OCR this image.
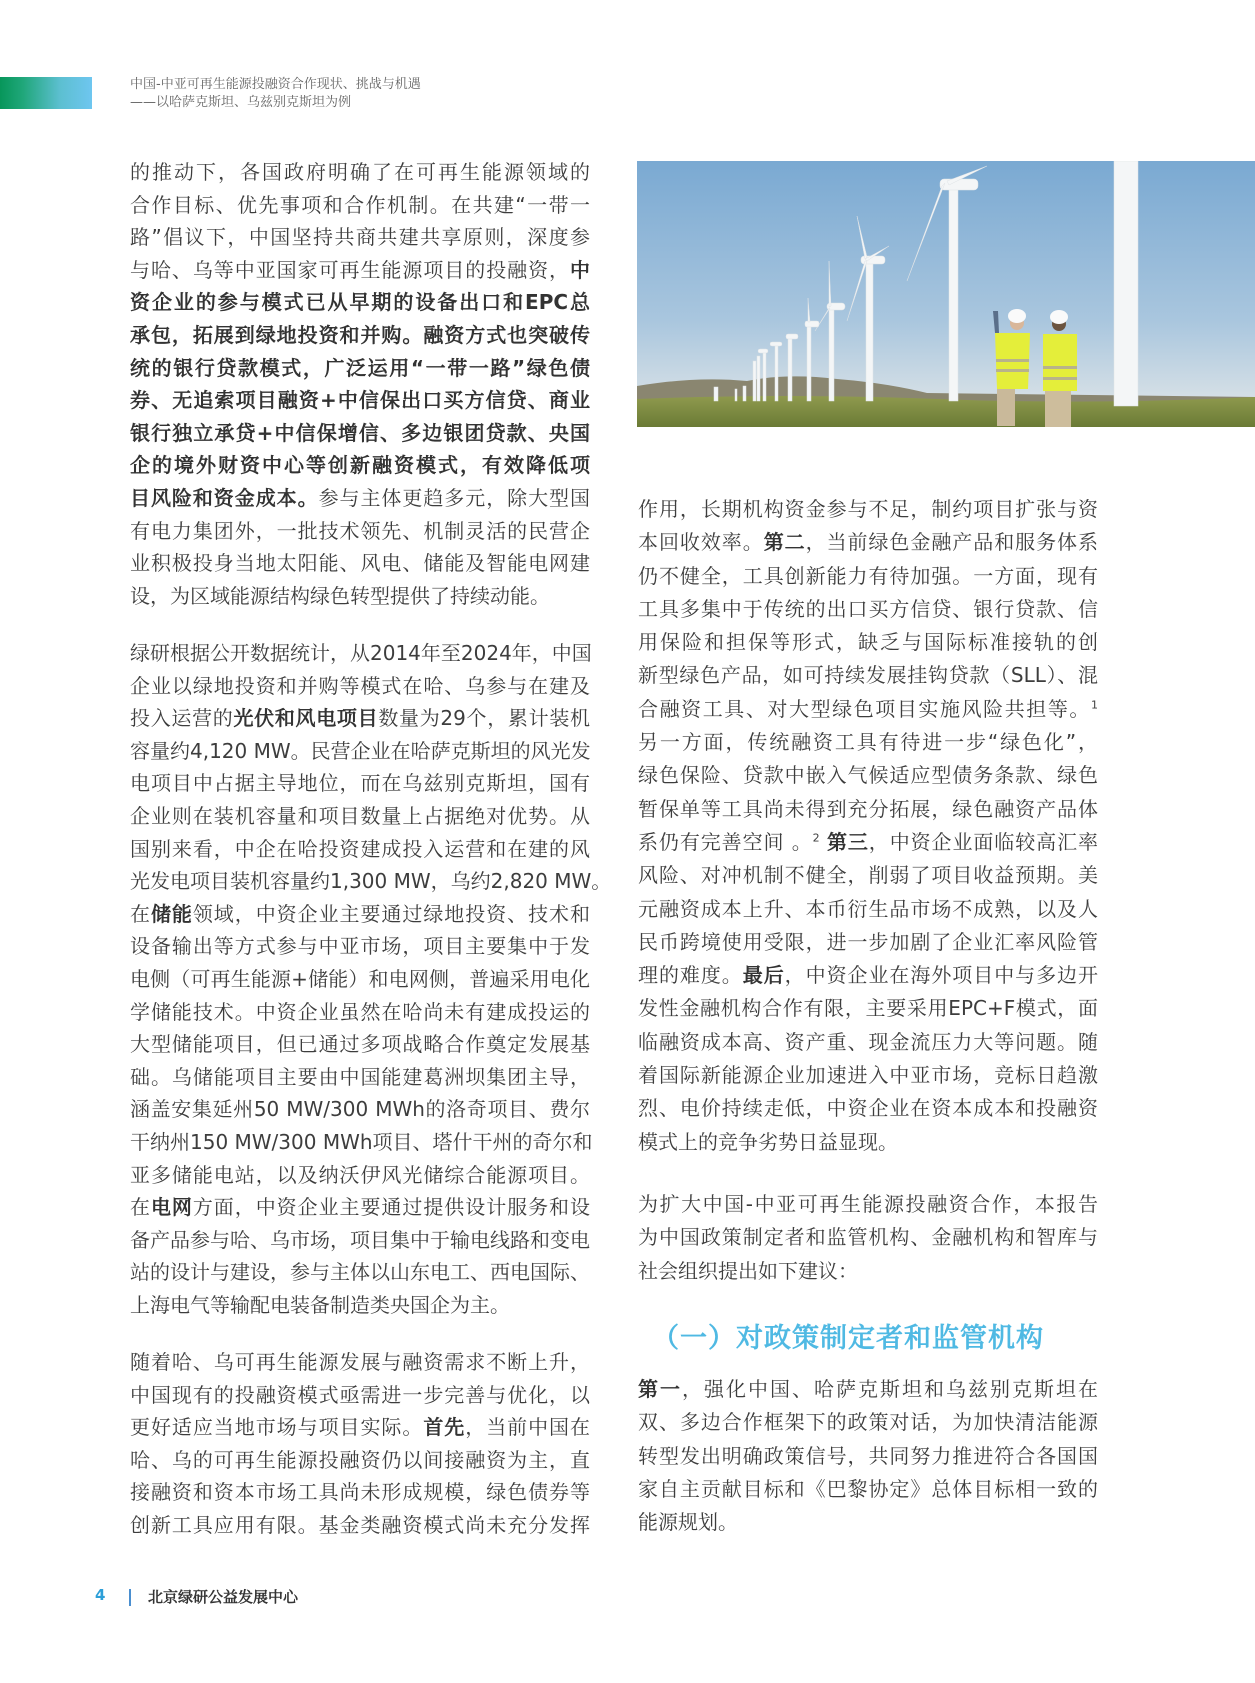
中国-中亚可再生能源投融资合作现状、挑战与机遇
——以哈萨克斯坦、乌兹别克斯坦为例
的推动下，各国政府明确了在可再生能源领域的
合作目标、优先事项和合作机制。在共建“一带一
路”倡议下，中国坚持共商共建共享原则，深度参
与哈、乌等中亚国家可再生能源项目的投融资，中
资企业的参与模式已从早期的设备出口和EPC总
承包，拓展到绿地投资和并购。融资方式也突破传
统的银行贷款模式，广泛运用“一带一路”绿色债
券、无追索项目融资+中信保出口买方信贷、商业
银行独立承贷+中信保增信、多边银团贷款、央国
企的境外财资中心等创新融资模式，有效降低项
目风险和资金成本。参与主体更趋多元，除大型国
有电力集团外，一批技术领先、机制灵活的民营企
业积极投身当地太阳能、风电、储能及智能电网建
设，为区域能源结构绿色转型提供了持续动能。
绿研根据公开数据统计，从2014年至2024年，中国
企业以绿地投资和并购等模式在哈、乌参与在建及
投入运营的光伏和风电项目数量为29个，累计装机
容量约4,120 MW。民营企业在哈萨克斯坦的风光发
电项目中占据主导地位，而在乌兹别克斯坦，国有
企业则在装机容量和项目数量上占据绝对优势。从
国别来看，中企在哈投资建成投入运营和在建的风
光发电项目装机容量约1,300 MW，乌约2,820 MW。
在储能领域，中资企业主要通过绿地投资、技术和
设备输出等方式参与中亚市场，项目主要集中于发
电侧（可再生能源+储能）和电网侧，普遍采用电化
学储能技术。中资企业虽然在哈尚未有建成投运的
大型储能项目，但已通过多项战略合作奠定发展基
础。乌储能项目主要由中国能建葛洲坝集团主导，
涵盖安集延州50 MW/300 MWh的洛奇项目、费尔
干纳州150 MW/300 MWh项目、塔什干州的奇尔和
亚多储能电站，以及纳沃伊风光储综合能源项目。
在电网方面，中资企业主要通过提供设计服务和设
备产品参与哈、乌市场，项目集中于输电线路和变电
站的设计与建设，参与主体以山东电工、西电国际、
上海电气等输配电装备制造类央国企为主。
随着哈、乌可再生能源发展与融资需求不断上升，
中国现有的投融资模式亟需进一步完善与优化，以
更好适应当地市场与项目实际。首先，当前中国在
哈、乌的可再生能源投融资仍以间接融资为主，直
接融资和资本市场工具尚未形成规模，绿色债券等
创新工具应用有限。基金类融资模式尚未充分发挥
作用，长期机构资金参与不足，制约项目扩张与资
本回收效率。第二，当前绿色金融产品和服务体系
仍不健全，工具创新能力有待加强。一方面，现有
工具多集中于传统的出口买方信贷、银行贷款、信
用保险和担保等形式，缺乏与国际标准接轨的创
新型绿色产品，如可持续发展挂钩贷款（SLL）、混
合融资工具、对大型绿色项目实施风险共担等。$^1$
另一方面，传统融资工具有待进一步“绿色化”，
绿色保险、贷款中嵌入气候适应型债务条款、绿色
暂保单等工具尚未得到充分拓展，绿色融资产品体
系仍有完善空间 。$^2$ 第三，中资企业面临较高汇率
风险、对冲机制不健全，削弱了项目收益预期。美
元融资成本上升、本币衍生品市场不成熟，以及人
民币跨境使用受限，进一步加剧了企业汇率风险管
理的难度。最后，中资企业在海外项目中与多边开
发性金融机构合作有限，主要采用EPC+F模式，面
临融资成本高、资产重、现金流压力大等问题。随
着国际新能源企业加速进入中亚市场，竞标日趋激
烈、电价持续走低，中资企业在资本成本和投融资
模式上的竞争劣势日益显现。
为扩大中国-中亚可再生能源投融资合作，本报告
为中国政策制定者和监管机构、金融机构和智库与
社会组织提出如下建议：
（一）对政策制定者和监管机构
第一，强化中国、哈萨克斯坦和乌兹别克斯坦在
双、多边合作框架下的政策对话，为加快清洁能源
转型发出明确政策信号，共同努力推进符合各国国
家自主贡献目标和《巴黎协定》总体目标相一致的
能源规划。
4	北京绿研公益发展中心
